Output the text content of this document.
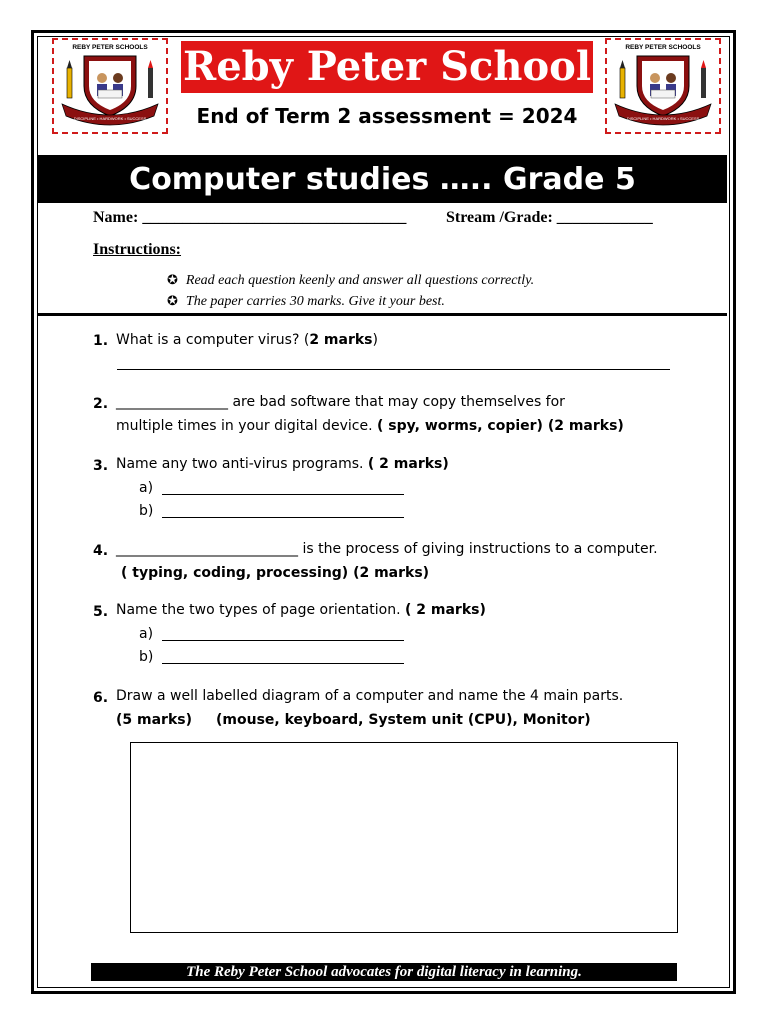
REBY PETER SCHOOLS
DISCIPLINE • HARDWORK • SUCCESS
REBY PETER SCHOOLS
DISCIPLINE • HARDWORK • SUCCESS
Reby Peter School
End of Term 2 assessment = 2024
Computer studies ….. Grade 5
Name: _________________________________ Stream /Grade: ____________
Instructions:
✪ Read each question keenly and answer all questions correctly.
✪ The paper carries 30 marks. Give it your best.
1. What is a computer virus? (2 marks)
2. ________________ are bad software that may copy themselves for
multiple times in your digital device. ( spy, worms, copier) (2 marks)
3. Name any two anti-virus programs. ( 2 marks)
a)
b)
4. __________________________ is the process of giving instructions to a computer.
( typing, coding, processing) (2 marks)
5. Name the two types of page orientation. ( 2 marks)
a)
b)
6. Draw a well labelled diagram of a computer and name the 4 main parts.
(5 marks) (mouse, keyboard, System unit (CPU), Monitor)
The Reby Peter School advocates for digital literacy in learning.
